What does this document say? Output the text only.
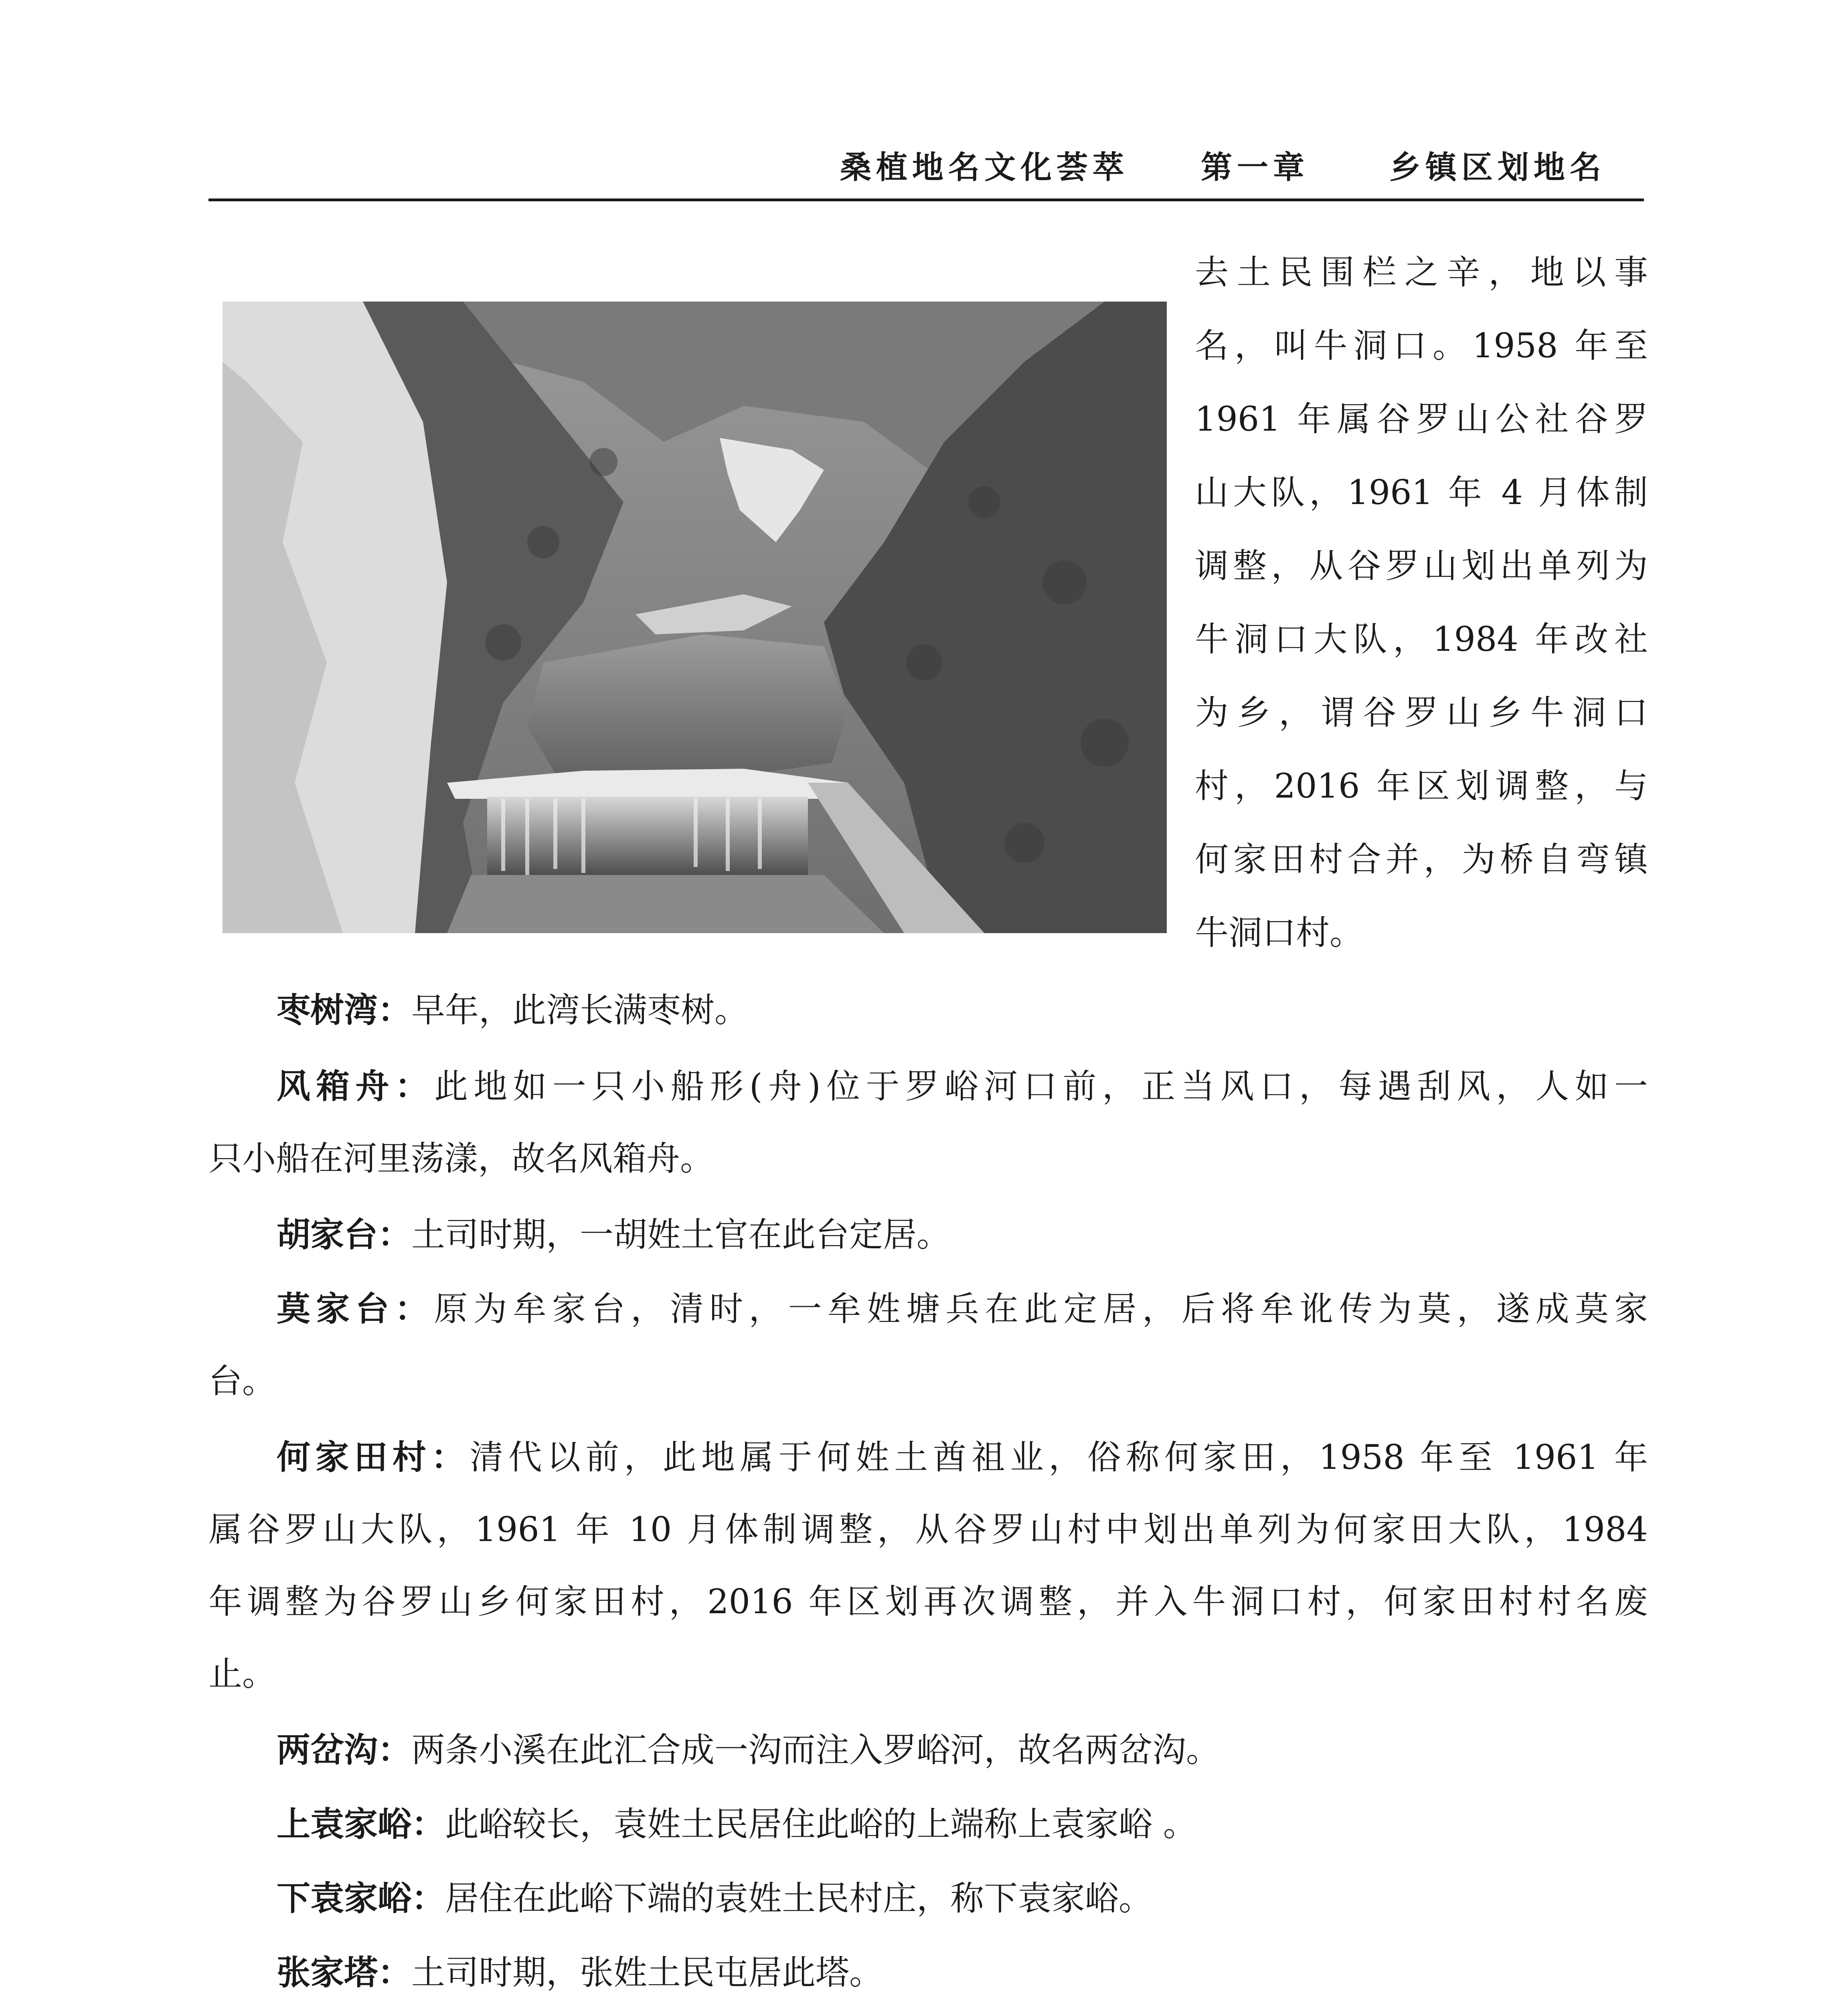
桑植地名文化荟萃 第一章	乡镇区划地名
去土民围栏之辛，地以事
名，叫牛洞口。1958 年至
1961 年属谷罗山公社谷罗
山大队，1961 年 4 月体制
调整，从谷罗山划出单列为
牛洞口大队，1984 年改社
为乡，谓谷罗山乡牛洞口
村，2016 年区划调整，与
何家田村合并，为桥自弯镇
牛洞口村。
枣树湾：早年，此湾长满枣树。
风箱舟：此地如一只小船形(舟)位于罗峪河口前，正当风口，每遇刮风，人如一
只小船在河里荡漾，故名风箱舟。
胡家台：土司时期，一胡姓土官在此台定居。
莫家台：原为牟家台，清时，一牟姓塘兵在此定居，后将牟讹传为莫，遂成莫家
台。
何家田村：清代以前，此地属于何姓土酋祖业，俗称何家田，1958 年至 1961 年
属谷罗山大队，1961 年 10 月体制调整，从谷罗山村中划出单列为何家田大队，1984
年调整为谷罗山乡何家田村，2016 年区划再次调整，并入牛洞口村，何家田村村名废
止。
两岔沟：两条小溪在此汇合成一沟而注入罗峪河，故名两岔沟。
上袁家峪：此峪较长，袁姓土民居住此峪的上端称上袁家峪 。
下袁家峪：居住在此峪下端的袁姓土民村庄，称下袁家峪。
张家塔：土司时期，张姓土民屯居此塔。
